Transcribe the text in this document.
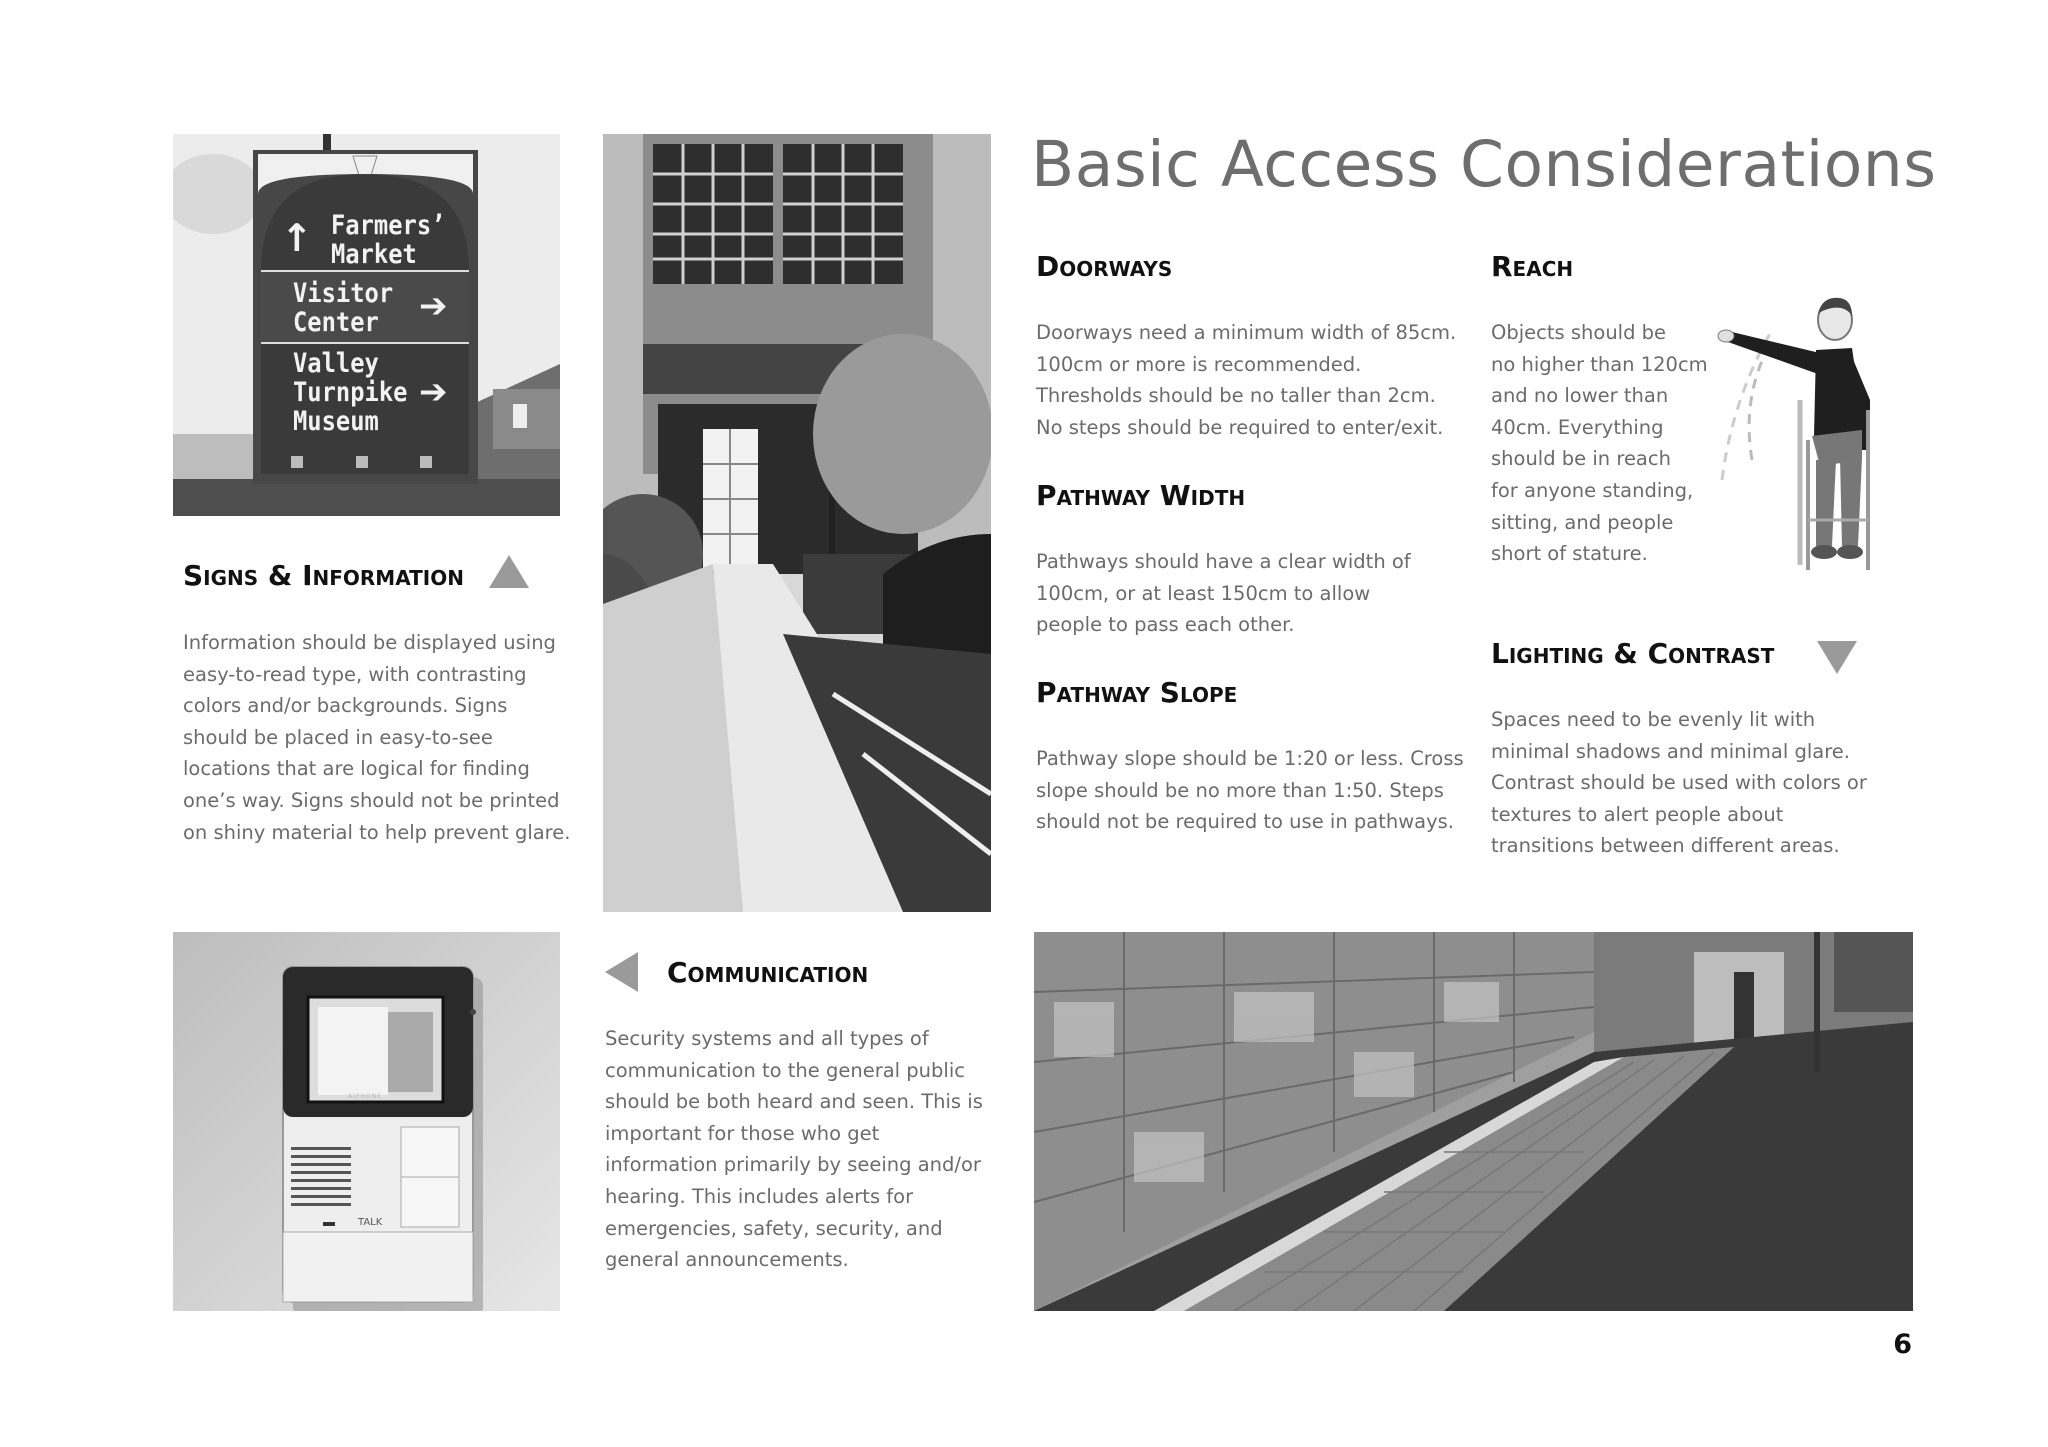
↑ Farmers’
Market
Visitor
Center ➔
Valley
Turnpike ➔
Museum
Basic Access Considerations
Doorways
Doorways need a minimum width of 85cm.
100cm or more is recommended.
Thresholds should be no taller than 2cm.
No steps should be required to enter/exit.
Pathway Width
Pathways should have a clear width of
100cm, or at least 150cm to allow
people to pass each other.
Pathway Slope
Pathway slope should be 1:20 or less. Cross
slope should be no more than 1:50. Steps
should not be required to use in pathways.
Reach
Objects should be
no higher than 120cm
and no lower than
40cm. Everything
should be in reach
for anyone standing,
sitting, and people
short of stature.
Lighting & Contrast
Spaces need to be evenly lit with
minimal shadows and minimal glare.
Contrast should be used with colors or
textures to alert people about
transitions between different areas.
Signs & Information
Information should be displayed using
easy-to-read type, with contrasting
colors and/or backgrounds. Signs
should be placed in easy-to-see
locations that are logical for finding
one’s way. Signs should not be printed
on shiny material to help prevent glare.
AIPHONE
TALK
Communication
Security systems and all types of
communication to the general public
should be both heard and seen. This is
important for those who get
information primarily by seeing and/or
hearing. This includes alerts for
emergencies, safety, security, and
general announcements.
6
